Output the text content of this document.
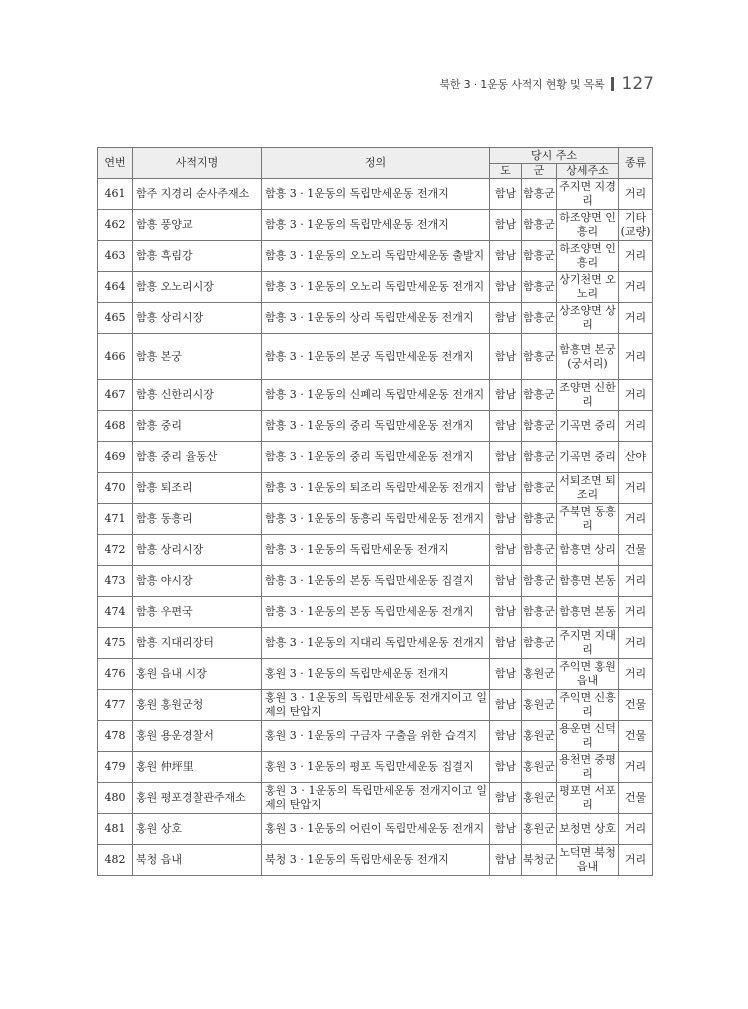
북한 3 · 1운동 사적지 현황 및 목록 127
연번	사적지명	정의	당시 주소			종류
			도	군	상세주소	
461	함주 지경리 순사주재소	함흥 3 · 1운동의 독립만세운동 전개지	함남	함흥군	주지면 지경리	거리
462	함흥 풍양교	함흥 3 · 1운동의 독립만세운동 전개지	함남	함흥군	하조양면 인흥리	기타(교량)
463	함흥 흑림강	함흥 3 · 1운동의 오노리 독립만세운동 출발지	함남	함흥군	하조양면 인흥리	거리
464	함흥 오노리시장	함흥 3 · 1운동의 오노리 독립만세운동 전개지	함남	함흥군	상기천면 오노리	거리
465	함흥 상리시장	함흥 3 · 1운동의 상리 독립만세운동 전개지	함남	함흥군	상조양면 상리	거리
466	함흥 본궁	함흥 3 · 1운동의 본궁 독립만세운동 전개지	함남	함흥군	함흥면 본궁(궁서리)	거리
467	함흥 신한리시장	함흥 3 · 1운동의 신폐리 독립만세운동 전개지	함남	함흥군	조양면 신한리	거리
468	함흥 중리	함흥 3 · 1운동의 중리 독립만세운동 전개지	함남	함흥군	기곡면 중리	거리
469	함흥 중리 율동산	함흥 3 · 1운동의 중리 독립만세운동 전개지	함남	함흥군	기곡면 중리	산야
470	함흥 퇴조리	함흥 3 · 1운동의 퇴조리 독립만세운동 전개지	함남	함흥군	서퇴조면 퇴조리	거리
471	함흥 동흥리	함흥 3 · 1운동의 동흥리 독립만세운동 전개지	함남	함흥군	주북면 동흥리	거리
472	함흥 상리시장	함흥 3 · 1운동의 독립만세운동 전개지	함남	함흥군	함흥면 상리	건물
473	함흥 야시장	함흥 3 · 1운동의 본동 독립만세운동 집결지	함남	함흥군	함흥면 본동	거리
474	함흥 우편국	함흥 3 · 1운동의 본동 독립만세운동 전개지	함남	함흥군	함흥면 본동	거리
475	함흥 지대리장터	함흥 3 · 1운동의 지대리 독립만세운동 전개지	함남	함흥군	주지면 지대리	거리
476	홍원 읍내 시장	홍원 3 · 1운동의 독립만세운동 전개지	함남	홍원군	주익면 홍원 읍내	거리
477	홍원 홍원군청	홍원 3 · 1운동의 독립만세운동 전개지이고 일제의 탄압지	함남	홍원군	주익면 신흥리	건물
478	홍원 용운경찰서	홍원 3 · 1운동의 구금자 구출을 위한 습격지	함남	홍원군	용운면 신덕리	건물
479	홍원 仲坪里	홍원 3 · 1운동의 평포 독립만세운동 집결지	함남	홍원군	용천면 중평리	거리
480	홍원 평포경찰관주재소	홍원 3 · 1운동의 독립만세운동 전개지이고 일제의 탄압지	함남	홍원군	평포면 서포리	건물
481	홍원 상호	홍원 3 · 1운동의 어린이 독립만세운동 전개지	함남	홍원군	보청면 상호	거리
482	북청 읍내	북청 3 · 1운동의 독립만세운동 전개지	함남	북청군	노덕면 북청 읍내	거리
